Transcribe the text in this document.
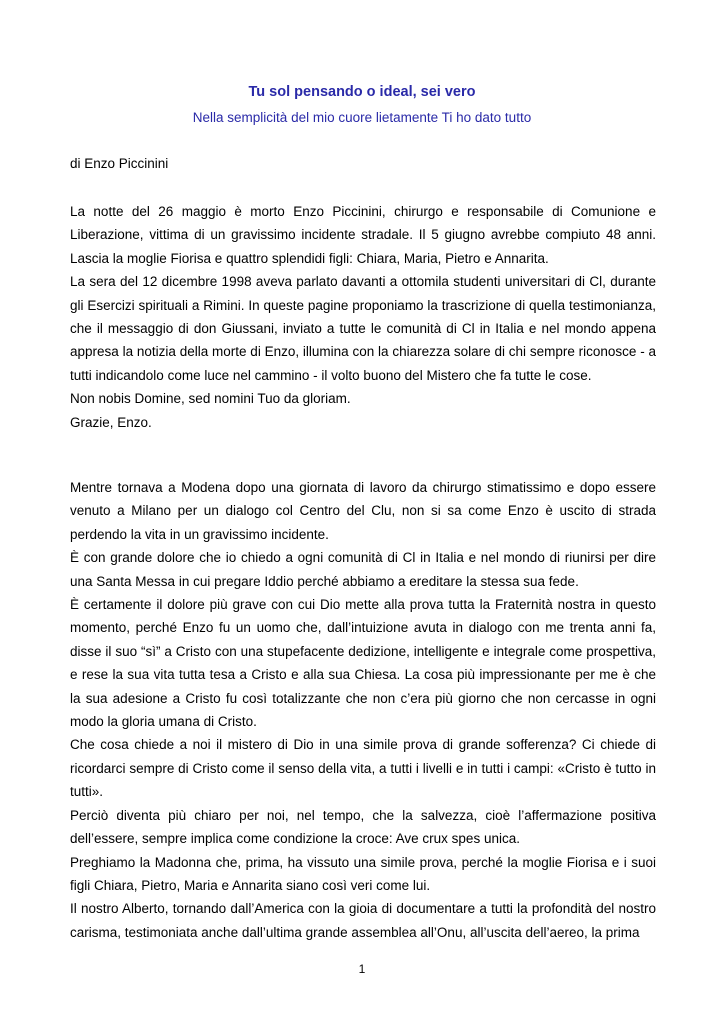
Tu sol pensando o ideal, sei vero
Nella semplicità del mio cuore lietamente Ti ho dato tutto
di Enzo Piccinini

La notte del 26 maggio è morto Enzo Piccinini, chirurgo e responsabile di Comunione e Liberazione, vittima di un gravissimo incidente stradale. Il 5 giugno avrebbe compiuto 48 anni. Lascia la moglie Fiorisa e quattro splendidi figli: Chiara, Maria, Pietro e Annarita.

La sera del 12 dicembre 1998 aveva parlato davanti a ottomila studenti universitari di Cl, durante gli Esercizi spirituali a Rimini. In queste pagine proponiamo la trascrizione di quella testimonianza, che il messaggio di don Giussani, inviato a tutte le comunità di Cl in Italia e nel mondo appena appresa la notizia della morte di Enzo, illumina con la chiarezza solare di chi sempre riconosce - a tutti indicandolo come luce nel cammino - il volto buono del Mistero che fa tutte le cose.

Non nobis Domine, sed nomini Tuo da gloriam.

Grazie, Enzo.

Mentre tornava a Modena dopo una giornata di lavoro da chirurgo stimatissimo e dopo essere venuto a Milano per un dialogo col Centro del Clu, non si sa come Enzo è uscito di strada perdendo la vita in un gravissimo incidente.

È con grande dolore che io chiedo a ogni comunità di Cl in Italia e nel mondo di riunirsi per dire una Santa Messa in cui pregare Iddio perché abbiamo a ereditare la stessa sua fede.

È certamente il dolore più grave con cui Dio mette alla prova tutta la Fraternità nostra in questo momento, perché Enzo fu un uomo che, dall’intuizione avuta in dialogo con me trenta anni fa, disse il suo “sì” a Cristo con una stupefacente dedizione, intelligente e integrale come prospettiva, e rese la sua vita tutta tesa a Cristo e alla sua Chiesa. La cosa più impressionante per me è che la sua adesione a Cristo fu così totalizzante che non c’era più giorno che non cercasse in ogni modo la gloria umana di Cristo.

Che cosa chiede a noi il mistero di Dio in una simile prova di grande sofferenza? Ci chiede di ricordarci sempre di Cristo come il senso della vita, a tutti i livelli e in tutti i campi: «Cristo è tutto in tutti».

Perciò diventa più chiaro per noi, nel tempo, che la salvezza, cioè l’affermazione positiva dell’essere, sempre implica come condizione la croce: Ave crux spes unica.

Preghiamo la Madonna che, prima, ha vissuto una simile prova, perché la moglie Fiorisa e i suoi figli Chiara, Pietro, Maria e Annarita siano così veri come lui.

Il nostro Alberto, tornando dall’America con la gioia di documentare a tutti la profondità del nostro carisma, testimoniata anche dall’ultima grande assemblea all’Onu, all’uscita dell’aereo, la prima

1
